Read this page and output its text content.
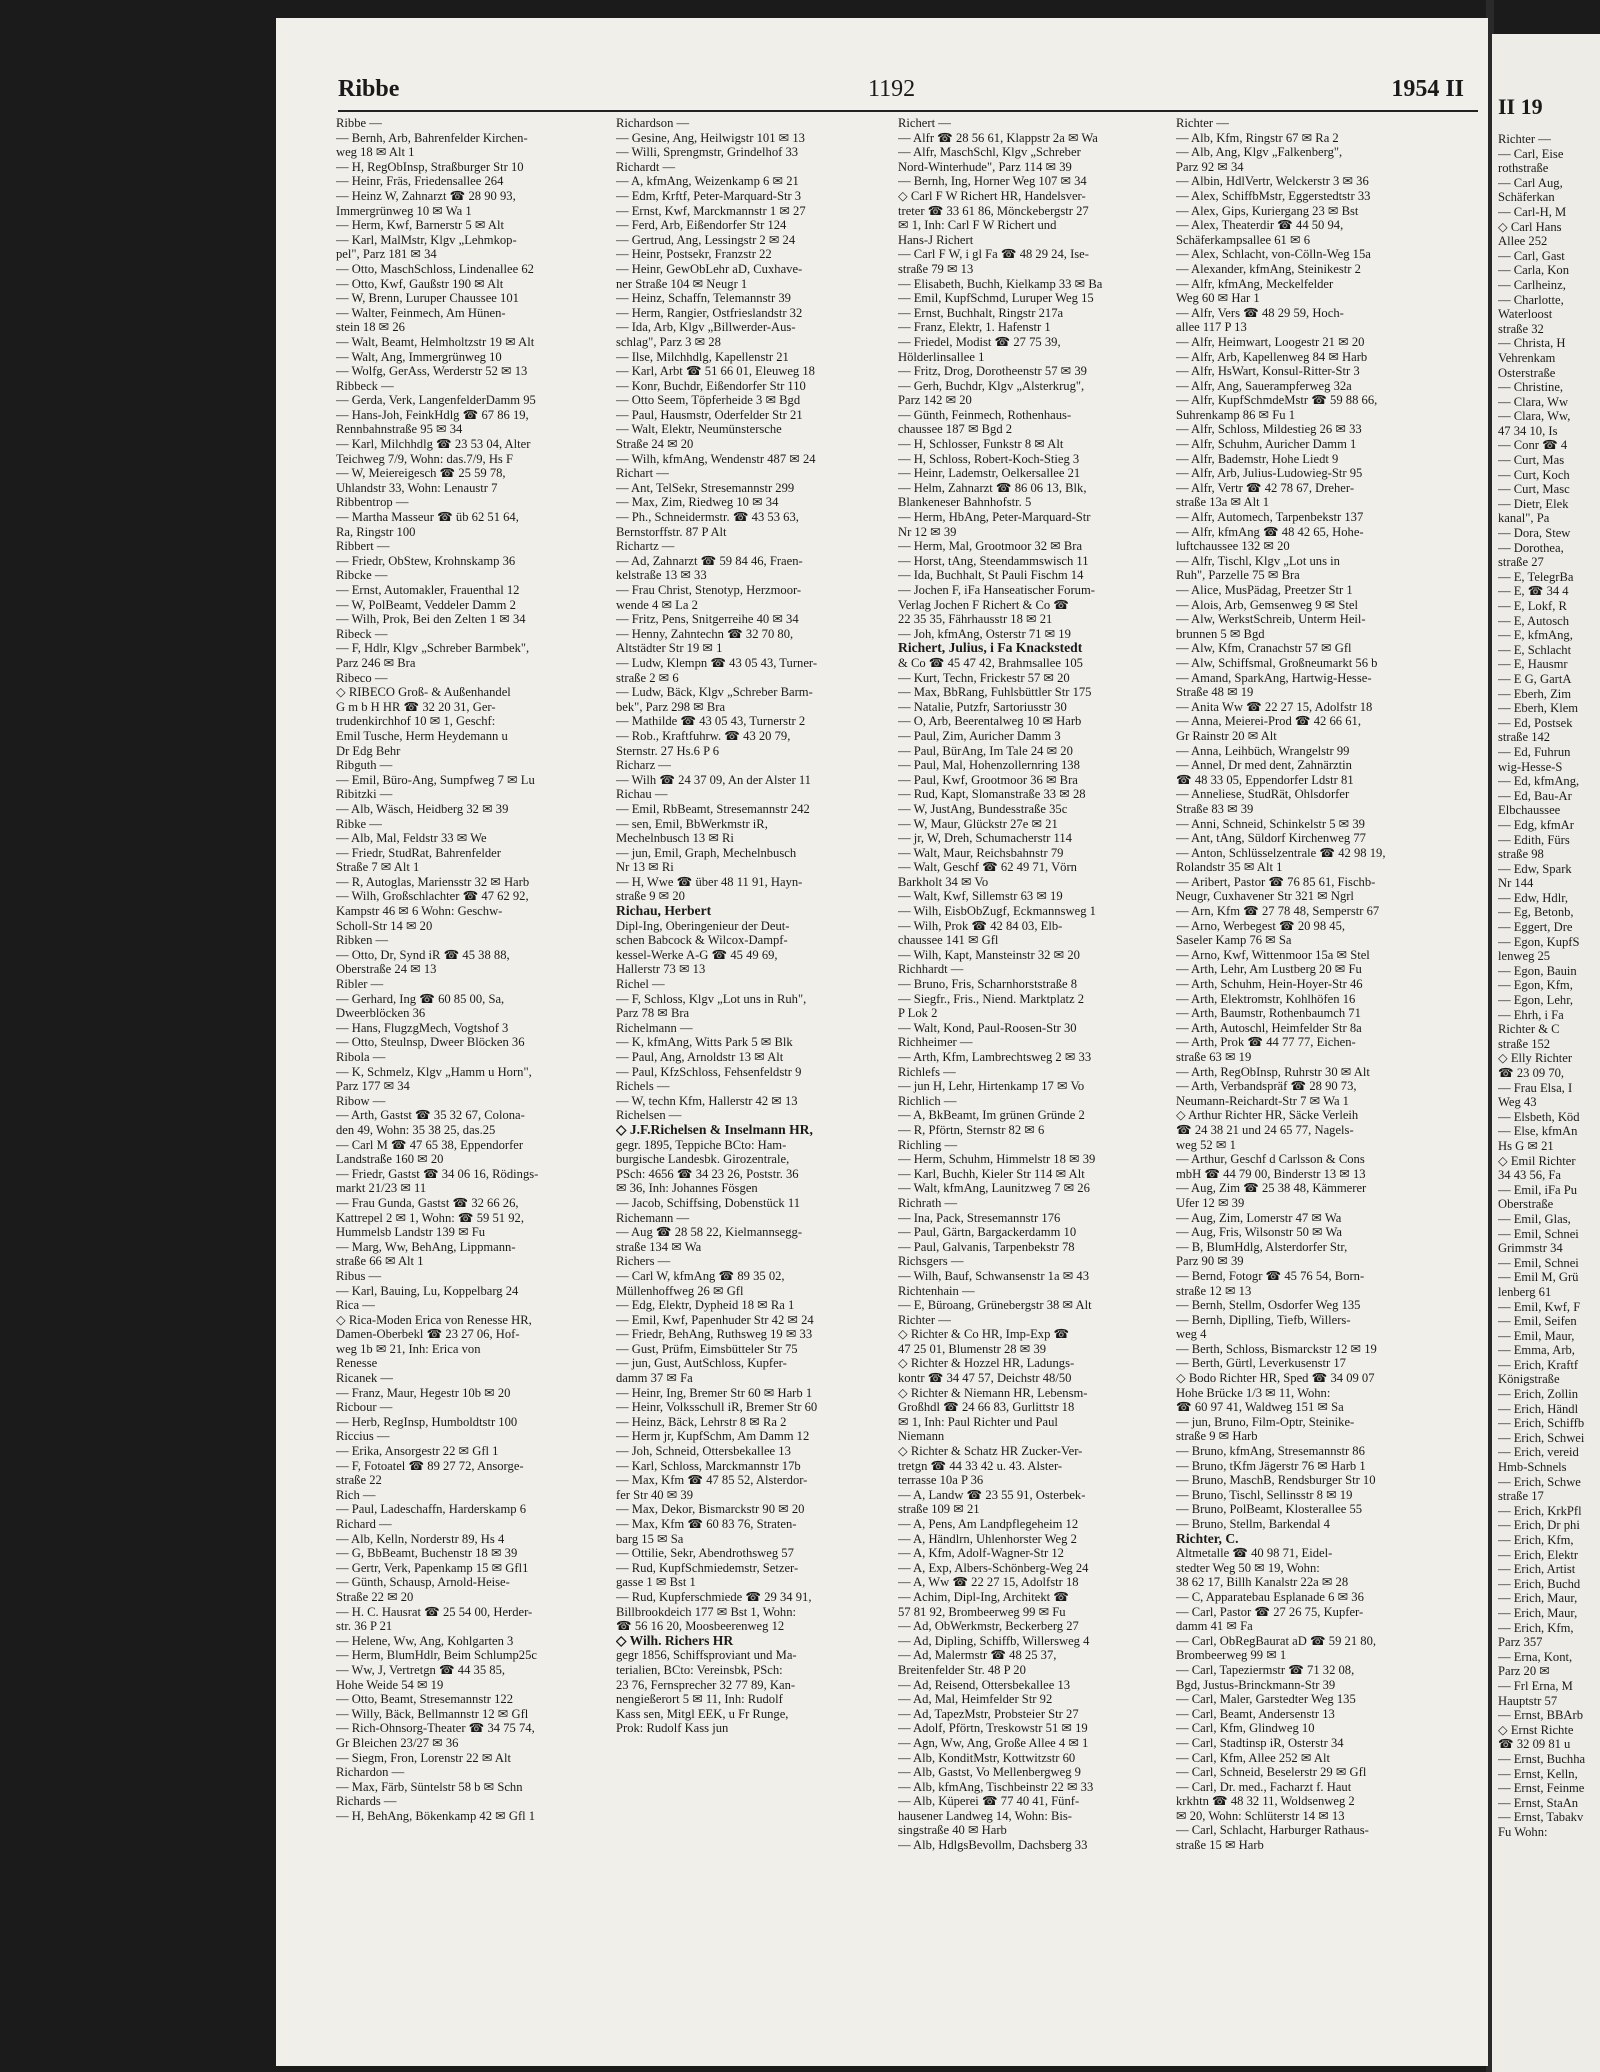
Ribbe	1192	1954 II
Ribbe —
— Bernh, Arb, Bahrenfelder Kirchen-
weg 18 ✉ Alt 1
— H, RegObInsp, Straßburger Str 10
— Heinr, Fräs, Friedensallee 264
— Heinz W, Zahnarzt ☎ 28 90 93,
Immergrünweg 10 ✉ Wa 1
— Herm, Kwf, Barnerstr 5 ✉ Alt
— Karl, MalMstr, Klgv „Lehmkop-
pel", Parz 181 ✉ 34
— Otto, MaschSchloss, Lindenallee 62
— Otto, Kwf, Gaußstr 190 ✉ Alt
— W, Brenn, Luruper Chaussee 101
— Walter, Feinmech, Am Hünen-
stein 18 ✉ 26
— Walt, Beamt, Helmholtzstr 19 ✉ Alt
— Walt, Ang, Immergrünweg 10
— Wolfg, GerAss, Werderstr 52 ✉ 13
Ribbeck —
— Gerda, Verk, LangenfelderDamm 95
— Hans-Joh, FeinkHdlg ☎ 67 86 19,
Rennbahnstraße 95 ✉ 34
— Karl, Milchhdlg ☎ 23 53 04, Alter
Teichweg 7/9, Wohn: das.7/9, Hs F
— W, Meiereigesch ☎ 25 59 78,
Uhlandstr 33, Wohn: Lenaustr 7
Ribbentrop —
— Martha Masseur ☎ üb 62 51 64,
Ra, Ringstr 100
Ribbert —
— Friedr, ObStew, Krohnskamp 36
Ribcke —
— Ernst, Automakler, Frauenthal 12
— W, PolBeamt, Veddeler Damm 2
— Wilh, Prok, Bei den Zelten 1 ✉ 34
Ribeck —
— F, Hdlr, Klgv „Schreber Barmbek",
Parz 246 ✉ Bra
Ribeco —
◇ RIBECO Groß- & Außenhandel
G m b H HR ☎ 32 20 31, Ger-
trudenkirchhof 10 ✉ 1, Geschf:
Emil Tusche, Herm Heydemann u
Dr Edg Behr
Ribguth —
— Emil, Büro-Ang, Sumpfweg 7 ✉ Lu
Ribitzki —
— Alb, Wäsch, Heidberg 32 ✉ 39
Ribke —
— Alb, Mal, Feldstr 33 ✉ We
— Friedr, StudRat, Bahrenfelder
Straße 7 ✉ Alt 1
— R, Autoglas, Mariensstr 32 ✉ Harb
— Wilh, Großschlachter ☎ 47 62 92,
Kampstr 46 ✉ 6 Wohn: Geschw-
Scholl-Str 14 ✉ 20
Ribken —
— Otto, Dr, Synd iR ☎ 45 38 88,
Oberstraße 24 ✉ 13
Ribler —
— Gerhard, Ing ☎ 60 85 00, Sa,
Dweerblöcken 36
— Hans, FlugzgMech, Vogtshof 3
— Otto, Steulnsp, Dweer Blöcken 36
Ribola —
— K, Schmelz, Klgv „Hamm u Horn",
Parz 177 ✉ 34
Ribow —
— Arth, Gastst ☎ 35 32 67, Colona-
den 49, Wohn: 35 38 25, das.25
— Carl M ☎ 47 65 38, Eppendorfer
Landstraße 160 ✉ 20
— Friedr, Gastst ☎ 34 06 16, Rödings-
markt 21/23 ✉ 11
— Frau Gunda, Gastst ☎ 32 66 26,
Kattrepel 2 ✉ 1, Wohn: ☎ 59 51 92,
Hummelsb Landstr 139 ✉ Fu
— Marg, Ww, BehAng, Lippmann-
straße 66 ✉ Alt 1
Ribus —
— Karl, Bauing, Lu, Koppelbarg 24
Rica —
◇ Rica-Moden Erica von Renesse HR,
Damen-Oberbekl ☎ 23 27 06, Hof-
weg 1b ✉ 21, Inh: Erica von
Renesse
Ricanek —
— Franz, Maur, Hegestr 10b ✉ 20
Ricbour —
— Herb, RegInsp, Humboldtstr 100
Riccius —
— Erika, Ansorgestr 22 ✉ Gfl 1
— F, Fotoatel ☎ 89 27 72, Ansorge-
straße 22
Rich —
— Paul, Ladeschaffn, Harderskamp 6
Richard —
— Alb, Kelln, Norderstr 89, Hs 4
— G, BbBeamt, Buchenstr 18 ✉ 39
— Gertr, Verk, Papenkamp 15 ✉ Gfl1
— Günth, Schausp, Arnold-Heise-
Straße 22 ✉ 20
— H. C. Hausrat ☎ 25 54 00, Herder-
str. 36 P 21
— Helene, Ww, Ang, Kohlgarten 3
— Herm, BlumHdlr, Beim Schlump25c
— Ww, J, Vertretgn ☎ 44 35 85,
Hohe Weide 54 ✉ 19
— Otto, Beamt, Stresemannstr 122
— Willy, Bäck, Bellmannstr 12 ✉ Gfl
— Rich-Ohnsorg-Theater ☎ 34 75 74,
Gr Bleichen 23/27 ✉ 36
— Siegm, Fron, Lorenstr 22 ✉ Alt
Richardon —
— Max, Färb, Süntelstr 58 b ✉ Schn
Richards —
— H, BehAng, Bökenkamp 42 ✉ Gfl 1
Richardson —
— Gesine, Ang, Heilwigstr 101 ✉ 13
— Willi, Sprengmstr, Grindelhof 33
Richardt —
— A, kfmAng, Weizenkamp 6 ✉ 21
— Edm, Krftf, Peter-Marquard-Str 3
— Ernst, Kwf, Marckmannstr 1 ✉ 27
— Ferd, Arb, Eißendorfer Str 124
— Gertrud, Ang, Lessingstr 2 ✉ 24
— Heinr, Postsekr, Franzstr 22
— Heinr, GewObLehr aD, Cuxhave-
ner Straße 104 ✉ Neugr 1
— Heinz, Schaffn, Telemannstr 39
— Herm, Rangier, Ostfrieslandstr 32
— Ida, Arb, Klgv „Billwerder-Aus-
schlag", Parz 3 ✉ 28
— Ilse, Milchhdlg, Kapellenstr 21
— Karl, Arbt ☎ 51 66 01, Eleuweg 18
— Konr, Buchdr, Eißendorfer Str 110
— Otto Seem, Töpferheide 3 ✉ Bgd
— Paul, Hausmstr, Oderfelder Str 21
— Walt, Elektr, Neumünstersche
Straße 24 ✉ 20
— Wilh, kfmAng, Wendenstr 487 ✉ 24
Richart —
— Ant, TelSekr, Stresemannstr 299
— Max, Zim, Riedweg 10 ✉ 34
— Ph., Schneidermstr. ☎ 43 53 63,
Bernstorffstr. 87 P Alt
Richartz —
— Ad, Zahnarzt ☎ 59 84 46, Fraen-
kelstraße 13 ✉ 33
— Frau Christ, Stenotyp, Herzmoor-
wende 4 ✉ La 2
— Fritz, Pens, Snitgerreihe 40 ✉ 34
— Henny, Zahntechn ☎ 32 70 80,
Altstädter Str 19 ✉ 1
— Ludw, Klempn ☎ 43 05 43, Turner-
straße 2 ✉ 6
— Ludw, Bäck, Klgv „Schreber Barm-
bek", Parz 298 ✉ Bra
— Mathilde ☎ 43 05 43, Turnerstr 2
— Rob., Kraftfuhrw. ☎ 43 20 79,
Sternstr. 27 Hs.6 P 6
Richarz —
— Wilh ☎ 24 37 09, An der Alster 11
Richau —
— Emil, RbBeamt, Stresemannstr 242
— sen, Emil, BbWerkmstr iR,
Mechelnbusch 13 ✉ Ri
— jun, Emil, Graph, Mechelnbusch
Nr 13 ✉ Ri
— H, Wwe ☎ über 48 11 91, Hayn-
straße 9 ✉ 20
Richau, Herbert
Dipl-Ing, Oberingenieur der Deut-
schen Babcock & Wilcox-Dampf-
kessel-Werke A-G ☎ 45 49 69,
Hallerstr 73 ✉ 13
Richel —
— F, Schloss, Klgv „Lot uns in Ruh",
Parz 78 ✉ Bra
Richelmann —
— K, kfmAng, Witts Park 5 ✉ Blk
— Paul, Ang, Arnoldstr 13 ✉ Alt
— Paul, KfzSchloss, Fehsenfeldstr 9
Richels —
— W, techn Kfm, Hallerstr 42 ✉ 13
Richelsen —
◇ J.F.Richelsen & Inselmann HR,
gegr. 1895, Teppiche BCto: Ham-
burgische Landesbk. Girozentrale,
PSch: 4656 ☎ 34 23 26, Poststr. 36
✉ 36, Inh: Johannes Fösgen
— Jacob, Schiffsing, Dobenstück 11
Richemann —
— Aug ☎ 28 58 22, Kielmannsegg-
straße 134 ✉ Wa
Richers —
— Carl W, kfmAng ☎ 89 35 02,
Müllenhoffweg 26 ✉ Gfl
— Edg, Elektr, Dypheid 18 ✉ Ra 1
— Emil, Kwf, Papenhuder Str 42 ✉ 24
— Friedr, BehAng, Ruthsweg 19 ✉ 33
— Gust, Prüfm, Eimsbütteler Str 75
— jun, Gust, AutSchloss, Kupfer-
damm 37 ✉ Fa
— Heinr, Ing, Bremer Str 60 ✉ Harb 1
— Heinr, Volksschull iR, Bremer Str 60
— Heinz, Bäck, Lehrstr 8 ✉ Ra 2
— Herm jr, KupfSchm, Am Damm 12
— Joh, Schneid, Ottersbekallee 13
— Karl, Schloss, Marckmannstr 17b
— Max, Kfm ☎ 47 85 52, Alsterdor-
fer Str 40 ✉ 39
— Max, Dekor, Bismarckstr 90 ✉ 20
— Max, Kfm ☎ 60 83 76, Straten-
barg 15 ✉ Sa
— Ottilie, Sekr, Abendrothsweg 57
— Rud, KupfSchmiedemstr, Setzer-
gasse 1 ✉ Bst 1
— Rud, Kupferschmiede ☎ 29 34 91,
Billbrookdeich 177 ✉ Bst 1, Wohn:
☎ 56 16 20, Moosbeerenweg 12
◇ Wilh. Richers HR
gegr 1856, Schiffsproviant und Ma-
terialien, BCto: Vereinsbk, PSch:
23 76, Fernsprecher 32 77 89, Kan-
nengießerort 5 ✉ 11, Inh: Rudolf
Kass sen, Mitgl EEK, u Fr Runge,
Prok: Rudolf Kass jun
Richert —
— Alfr ☎ 28 56 61, Klappstr 2a ✉ Wa
— Alfr, MaschSchl, Klgv „Schreber
Nord-Winterhude", Parz 114 ✉ 39
— Bernh, Ing, Horner Weg 107 ✉ 34
◇ Carl F W Richert HR, Handelsver-
treter ☎ 33 61 86, Mönckebergstr 27
✉ 1, Inh: Carl F W Richert und
Hans-J Richert
— Carl F W, i gl Fa ☎ 48 29 24, Ise-
straße 79 ✉ 13
— Elisabeth, Buchh, Kielkamp 33 ✉ Ba
— Emil, KupfSchmd, Luruper Weg 15
— Ernst, Buchhalt, Ringstr 217a
— Franz, Elektr, 1. Hafenstr 1
— Friedel, Modist ☎ 27 75 39,
Hölderlinsallee 1
— Fritz, Drog, Dorotheenstr 57 ✉ 39
— Gerh, Buchdr, Klgv „Alsterkrug",
Parz 142 ✉ 20
— Günth, Feinmech, Rothenhaus-
chaussee 187 ✉ Bgd 2
— H, Schlosser, Funkstr 8 ✉ Alt
— H, Schloss, Robert-Koch-Stieg 3
— Heinr, Lademstr, Oelkersallee 21
— Helm, Zahnarzt ☎ 86 06 13, Blk,
Blankeneser Bahnhofstr. 5
— Herm, HbAng, Peter-Marquard-Str
Nr 12 ✉ 39
— Herm, Mal, Grootmoor 32 ✉ Bra
— Horst, tAng, Steendammswisch 11
— Ida, Buchhalt, St Pauli Fischm 14
— Jochen F, iFa Hanseatischer Forum-
Verlag Jochen F Richert & Co ☎
22 35 35, Fährhausstr 18 ✉ 21
— Joh, kfmAng, Osterstr 71 ✉ 19
Richert, Julius, i Fa Knackstedt
& Co ☎ 45 47 42, Brahmsallee 105
— Kurt, Techn, Frickestr 57 ✉ 20
— Max, BbRang, Fuhlsbüttler Str 175
— Natalie, Putzfr, Sartoriusstr 30
— O, Arb, Beerentalweg 10 ✉ Harb
— Paul, Zim, Auricher Damm 3
— Paul, BürAng, Im Tale 24 ✉ 20
— Paul, Mal, Hohenzollernring 138
— Paul, Kwf, Grootmoor 36 ✉ Bra
— Rud, Kapt, Slomanstraße 33 ✉ 28
— W, JustAng, Bundesstraße 35c
— W, Maur, Glückstr 27e ✉ 21
— jr, W, Dreh, Schumacherstr 114
— Walt, Maur, Reichsbahnstr 79
— Walt, Geschf ☎ 62 49 71, Vörn
Barkholt 34 ✉ Vo
— Walt, Kwf, Sillemstr 63 ✉ 19
— Wilh, EisbObZugf, Eckmannsweg 1
— Wilh, Prok ☎ 42 84 03, Elb-
chaussee 141 ✉ Gfl
— Wilh, Kapt, Mansteinstr 32 ✉ 20
Richhardt —
— Bruno, Fris, Scharnhorststraße 8
— Siegfr., Fris., Niend. Marktplatz 2
P Lok 2
— Walt, Kond, Paul-Roosen-Str 30
Richheimer —
— Arth, Kfm, Lambrechtsweg 2 ✉ 33
Richlefs —
— jun H, Lehr, Hirtenkamp 17 ✉ Vo
Richlich —
— A, BkBeamt, Im grünen Gründe 2
— R, Pförtn, Sternstr 82 ✉ 6
Richling —
— Herm, Schuhm, Himmelstr 18 ✉ 39
— Karl, Buchh, Kieler Str 114 ✉ Alt
— Walt, kfmAng, Launitzweg 7 ✉ 26
Richrath —
— Ina, Pack, Stresemannstr 176
— Paul, Gärtn, Bargackerdamm 10
— Paul, Galvanis, Tarpenbekstr 78
Richsgers —
— Wilh, Bauf, Schwansenstr 1a ✉ 43
Richtenhain —
— E, Büroang, Grünebergstr 38 ✉ Alt
Richter —
◇ Richter & Co HR, Imp-Exp ☎
47 25 01, Blumenstr 28 ✉ 39
◇ Richter & Hozzel HR, Ladungs-
kontr ☎ 34 47 57, Deichstr 48/50
◇ Richter & Niemann HR, Lebensm-
Großhdl ☎ 24 66 83, Gurlittstr 18
✉ 1, Inh: Paul Richter und Paul
Niemann
◇ Richter & Schatz HR Zucker-Ver-
tretgn ☎ 44 33 42 u. 43. Alster-
terrasse 10a P 36
— A, Landw ☎ 23 55 91, Osterbek-
straße 109 ✉ 21
— A, Pens, Am Landpflegeheim 12
— A, Händlrn, Uhlenhorster Weg 2
— A, Kfm, Adolf-Wagner-Str 12
— A, Exp, Albers-Schönberg-Weg 24
— A, Ww ☎ 22 27 15, Adolfstr 18
— Achim, Dipl-Ing, Architekt ☎
57 81 92, Brombeerweg 99 ✉ Fu
— Ad, ObWerkmstr, Beckerberg 27
— Ad, Dipling, Schiffb, Willersweg 4
— Ad, Malermstr ☎ 48 25 37,
Breitenfelder Str. 48 P 20
— Ad, Reisend, Ottersbekallee 13
— Ad, Mal, Heimfelder Str 92
— Ad, TapezMstr, Probsteier Str 27
— Adolf, Pförtn, Treskowstr 51 ✉ 19
— Agn, Ww, Ang, Große Allee 4 ✉ 1
— Alb, KonditMstr, Kottwitzstr 60
— Alb, Gastst, Vo Mellenbergweg 9
— Alb, kfmAng, Tischbeinstr 22 ✉ 33
— Alb, Küperei ☎ 77 40 41, Fünf-
hausener Landweg 14, Wohn: Bis-
singstraße 40 ✉ Harb
— Alb, HdlgsBevollm, Dachsberg 33
Richter —
— Alb, Kfm, Ringstr 67 ✉ Ra 2
— Alb, Ang, Klgv „Falkenberg",
Parz 92 ✉ 34
— Albin, HdlVertr, Welckerstr 3 ✉ 36
— Alex, SchiffbMstr, Eggerstedtstr 33
— Alex, Gips, Kuriergang 23 ✉ Bst
— Alex, Theaterdir ☎ 44 50 94,
Schäferkampsallee 61 ✉ 6
— Alex, Schlacht, von-Cölln-Weg 15a
— Alexander, kfmAng, Steinikestr 2
— Alfr, kfmAng, Meckelfelder
Weg 60 ✉ Har 1
— Alfr, Vers ☎ 48 29 59, Hoch-
allee 117 P 13
— Alfr, Heimwart, Loogestr 21 ✉ 20
— Alfr, Arb, Kapellenweg 84 ✉ Harb
— Alfr, HsWart, Konsul-Ritter-Str 3
— Alfr, Ang, Sauerampferweg 32a
— Alfr, KupfSchmdeMstr ☎ 59 88 66,
Suhrenkamp 86 ✉ Fu 1
— Alfr, Schloss, Mildestieg 26 ✉ 33
— Alfr, Schuhm, Auricher Damm 1
— Alfr, Bademstr, Hohe Liedt 9
— Alfr, Arb, Julius-Ludowieg-Str 95
— Alfr, Vertr ☎ 42 78 67, Dreher-
straße 13a ✉ Alt 1
— Alfr, Automech, Tarpenbekstr 137
— Alfr, kfmAng ☎ 48 42 65, Hohe-
luftchaussee 132 ✉ 20
— Alfr, Tischl, Klgv „Lot uns in
Ruh", Parzelle 75 ✉ Bra
— Alice, MusPädag, Preetzer Str 1
— Alois, Arb, Gemsenweg 9 ✉ Stel
— Alw, WerkstSchreib, Unterm Heil-
brunnen 5 ✉ Bgd
— Alw, Kfm, Cranachstr 57 ✉ Gfl
— Alw, Schiffsmal, Großneumarkt 56 b
— Amand, SparkAng, Hartwig-Hesse-
Straße 48 ✉ 19
— Anita Ww ☎ 22 27 15, Adolfstr 18
— Anna, Meierei-Prod ☎ 42 66 61,
Gr Rainstr 20 ✉ Alt
— Anna, Leihbüch, Wrangelstr 99
— Annel, Dr med dent, Zahnärztin
☎ 48 33 05, Eppendorfer Ldstr 81
— Anneliese, StudRät, Ohlsdorfer
Straße 83 ✉ 39
— Anni, Schneid, Schinkelstr 5 ✉ 39
— Ant, tAng, Süldorf Kirchenweg 77
— Anton, Schlüsselzentrale ☎ 42 98 19,
Rolandstr 35 ✉ Alt 1
— Aribert, Pastor ☎ 76 85 61, Fischb-
Neugr, Cuxhavener Str 321 ✉ Ngrl
— Arn, Kfm ☎ 27 78 48, Semperstr 67
— Arno, Werbegest ☎ 20 98 45,
Saseler Kamp 76 ✉ Sa
— Arno, Kwf, Wittenmoor 15a ✉ Stel
— Arth, Lehr, Am Lustberg 20 ✉ Fu
— Arth, Schuhm, Hein-Hoyer-Str 46
— Arth, Elektromstr, Kohlhöfen 16
— Arth, Baumstr, Rothenbaumch 71
— Arth, Autoschl, Heimfelder Str 8a
— Arth, Prok ☎ 44 77 77, Eichen-
straße 63 ✉ 19
— Arth, RegObInsp, Ruhrstr 30 ✉ Alt
— Arth, Verbandspräf ☎ 28 90 73,
Neumann-Reichardt-Str 7 ✉ Wa 1
◇ Arthur Richter HR, Säcke Verleih
☎ 24 38 21 und 24 65 77, Nagels-
weg 52 ✉ 1
— Arthur, Geschf d Carlsson & Cons
mbH ☎ 44 79 00, Binderstr 13 ✉ 13
— Aug, Zim ☎ 25 38 48, Kämmerer
Ufer 12 ✉ 39
— Aug, Zim, Lomerstr 47 ✉ Wa
— Aug, Fris, Wilsonstr 50 ✉ Wa
— B, BlumHdlg, Alsterdorfer Str,
Parz 90 ✉ 39
— Bernd, Fotogr ☎ 45 76 54, Born-
straße 12 ✉ 13
— Bernh, Stellm, Osdorfer Weg 135
— Bernh, Diplling, Tiefb, Willers-
weg 4
— Berth, Schloss, Bismarckstr 12 ✉ 19
— Berth, Gürtl, Leverkusenstr 17
◇ Bodo Richter HR, Sped ☎ 34 09 07
Hohe Brücke 1/3 ✉ 11, Wohn:
☎ 60 97 41, Waldweg 151 ✉ Sa
— jun, Bruno, Film-Optr, Steinike-
straße 9 ✉ Harb
— Bruno, kfmAng, Stresemannstr 86
— Bruno, tKfm Jägerstr 76 ✉ Harb 1
— Bruno, MaschB, Rendsburger Str 10
— Bruno, Tischl, Sellinsstr 8 ✉ 19
— Bruno, PolBeamt, Klosterallee 55
— Bruno, Stellm, Barkendal 4
Richter, C.
Altmetalle ☎ 40 98 71, Eidel-
stedter Weg 50 ✉ 19, Wohn:
38 62 17, Billh Kanalstr 22a ✉ 28
— C, Apparatebau Esplanade 6 ✉ 36
— Carl, Pastor ☎ 27 26 75, Kupfer-
damm 41 ✉ Fa
— Carl, ObRegBaurat aD ☎ 59 21 80,
Brombeerweg 99 ✉ 1
— Carl, Tapeziermstr ☎ 71 32 08,
Bgd, Justus-Brinckmann-Str 39
— Carl, Maler, Garstedter Weg 135
— Carl, Beamt, Andersenstr 13
— Carl, Kfm, Glindweg 10
— Carl, Stadtinsp iR, Osterstr 34
— Carl, Kfm, Allee 252 ✉ Alt
— Carl, Schneid, Beselerstr 29 ✉ Gfl
— Carl, Dr. med., Facharzt f. Haut
krkhtn ☎ 48 32 11, Woldsenweg 2
✉ 20, Wohn: Schlüterstr 14 ✉ 13
— Carl, Schlacht, Harburger Rathaus-
straße 15 ✉ Harb
II 19
Richter —
— Carl, Eise
rothstraße
— Carl Aug,
Schäferkan
— Carl-H, M
◇ Carl Hans
Allee 252
— Carl, Gast
— Carla, Kon
— Carlheinz,
— Charlotte,
Waterloost
straße 32
— Christa, H
Vehrenkam
Osterstraße
— Christine,
— Clara, Ww
— Clara, Ww,
47 34 10, Is
— Conr ☎ 4
— Curt, Mas
— Curt, Koch
— Curt, Masc
— Dietr, Elek
kanal", Pa
— Dora, Stew
— Dorothea,
straße 27
— E, TelegrBa
— E, ☎ 34 4
— E, Lokf, R
— E, Autosch
— E, kfmAng,
— E, Schlacht
— E, Hausmr
— E G, GartA
— Eberh, Zim
— Eberh, Klem
— Ed, Postsek
straße 142
— Ed, Fuhrun
wig-Hesse-S
— Ed, kfmAng,
— Ed, Bau-Ar
Elbchaussee
— Edg, kfmAr
— Edith, Fürs
straße 98
— Edw, Spark
Nr 144
— Edw, Hdlr,
— Eg, Betonb,
— Eggert, Dre
— Egon, KupfS
lenweg 25
— Egon, Bauin
— Egon, Kfm,
— Egon, Lehr,
— Ehrh, i Fa
Richter & C
straße 152
◇ Elly Richter
☎ 23 09 70,
— Frau Elsa, I
Weg 43
— Elsbeth, Köd
— Else, kfmAn
Hs G ✉ 21
◇ Emil Richter
34 43 56, Fa
— Emil, iFa Pu
Oberstraße
— Emil, Glas,
— Emil, Schnei
Grimmstr 34
— Emil, Schnei
— Emil M, Grü
lenberg 61
— Emil, Kwf, F
— Emil, Seifen
— Emil, Maur,
— Emma, Arb,
— Erich, Kraftf
Königstraße
— Erich, Zollin
— Erich, Händl
— Erich, Schiffb
— Erich, Schwei
— Erich, vereid
Hmb-Schnels
— Erich, Schwe
straße 17
— Erich, KrkPfl
— Erich, Dr phi
— Erich, Kfm,
— Erich, Elektr
— Erich, Artist
— Erich, Buchd
— Erich, Maur,
— Erich, Maur,
— Erich, Kfm,
Parz 357
— Erna, Kont,
Parz 20 ✉
— Frl Erna, M
Hauptstr 57
— Ernst, BBArb
◇ Ernst Richte
☎ 32 09 81 u
— Ernst, Buchha
— Ernst, Kelln,
— Ernst, Feinme
— Ernst, StaAn
— Ernst, Tabakv
Fu Wohn:
